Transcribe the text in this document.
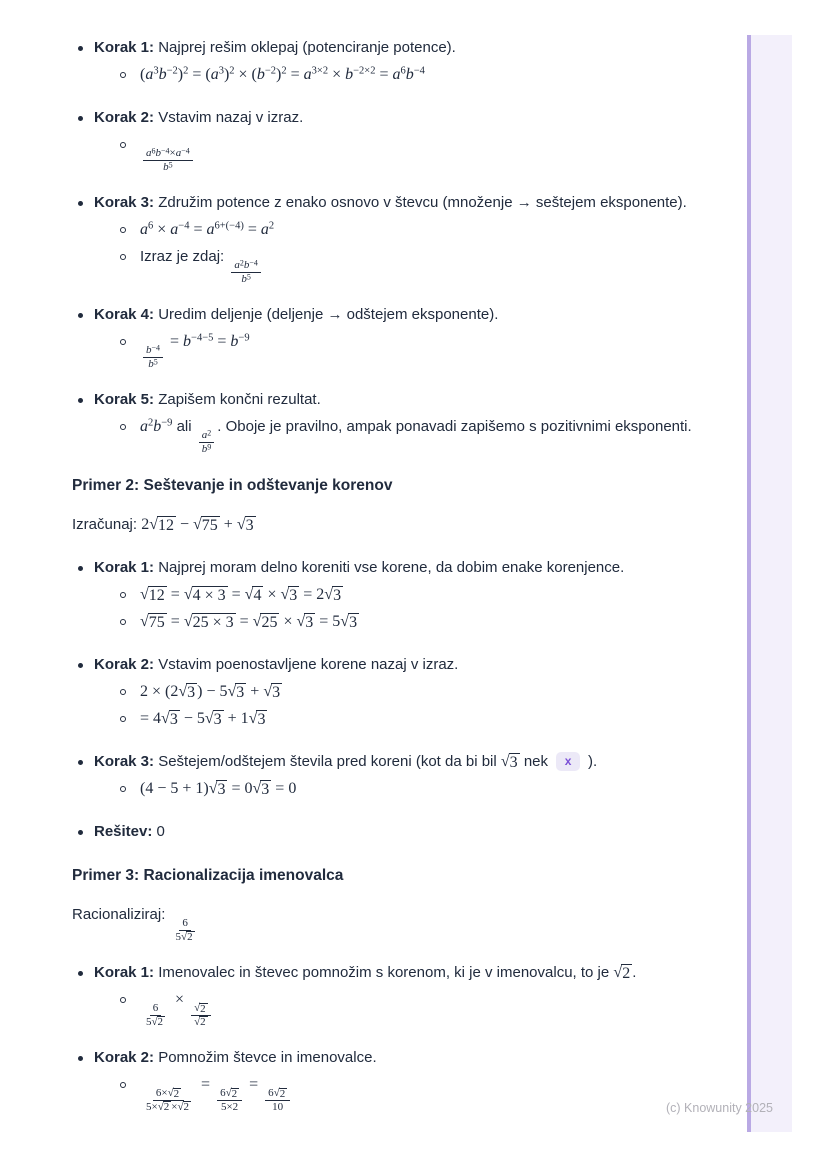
Korak 1: Najprej rešim oklepaj (potenciranje potence).
$(a^3b^{-2})^2 = (a^3)^2 \times (b^{-2})^2 = a^{3\times 2} \times b^{-2\times 2} = a^6b^{-4}$
Korak 2: Vstavim nazaj v izraz.
$\frac{a^6b^{-4}\times a^{-4}}{b^5}$
Korak 3: Združim potence z enako osnovo v števcu (množenje → seštejem eksponente).
$a^6 \times a^{-4} = a^{6+(-4)} = a^2$
Izraz je zdaj:
$\frac{a^2b^{-4}}{b^5}$
Korak 4: Uredim deljenje (deljenje → odštejem eksponente).
$\frac{b^{-4}}{b^5}$
= $b^{-4-5} = b^{-9}$
Korak 5: Zapišem končni rezultat.
$a^2b^{-9}$ ali
$\frac{a^2}{b^9}$
. Oboje je pravilno, ampak ponavadi zapišemo s pozitivnimi eksponenti.
Primer 2: Seštevanje in odštevanje korenov
Izračunaj: 2√12 − √75 + √3
Korak 1: Najprej moram delno koreniti vse korene, da dobim enake korenjence.
√12 = √4 × 3 = √4 × √3 = 2√3
√75 = √25 × 3 = √25 × √3 = 5√3
Korak 2: Vstavim poenostavljene korene nazaj v izraz.
2 × (2√3 ) − 5√3 + √3
= 4√3 − 5√3 + 1√3
Korak 3: Seštejem/odštejem števila pred koreni (kot da bi bil √3 nek x ).
(4 − 5 + 1)√3 = 0√3 = 0
Rešitev: 0
Primer 3: Racionalizacija imenovalca
Racionaliziraj:
$\frac{6}{5√2}$
Korak 1: Imenovalec in števec pomnožim s korenom, ki je v imenovalcu, to je √2 .
$\frac{6}{5√2}$
×
$\frac{√2}{√2}$
Korak 2: Pomnožim števce in imenovalce.
$\frac{6\times√2}{5\times√2 \times√2}$
=
$\frac{6√2}{5\times 2}$
=
$\frac{6√2}{10}$	(c) Knowunity 2025
